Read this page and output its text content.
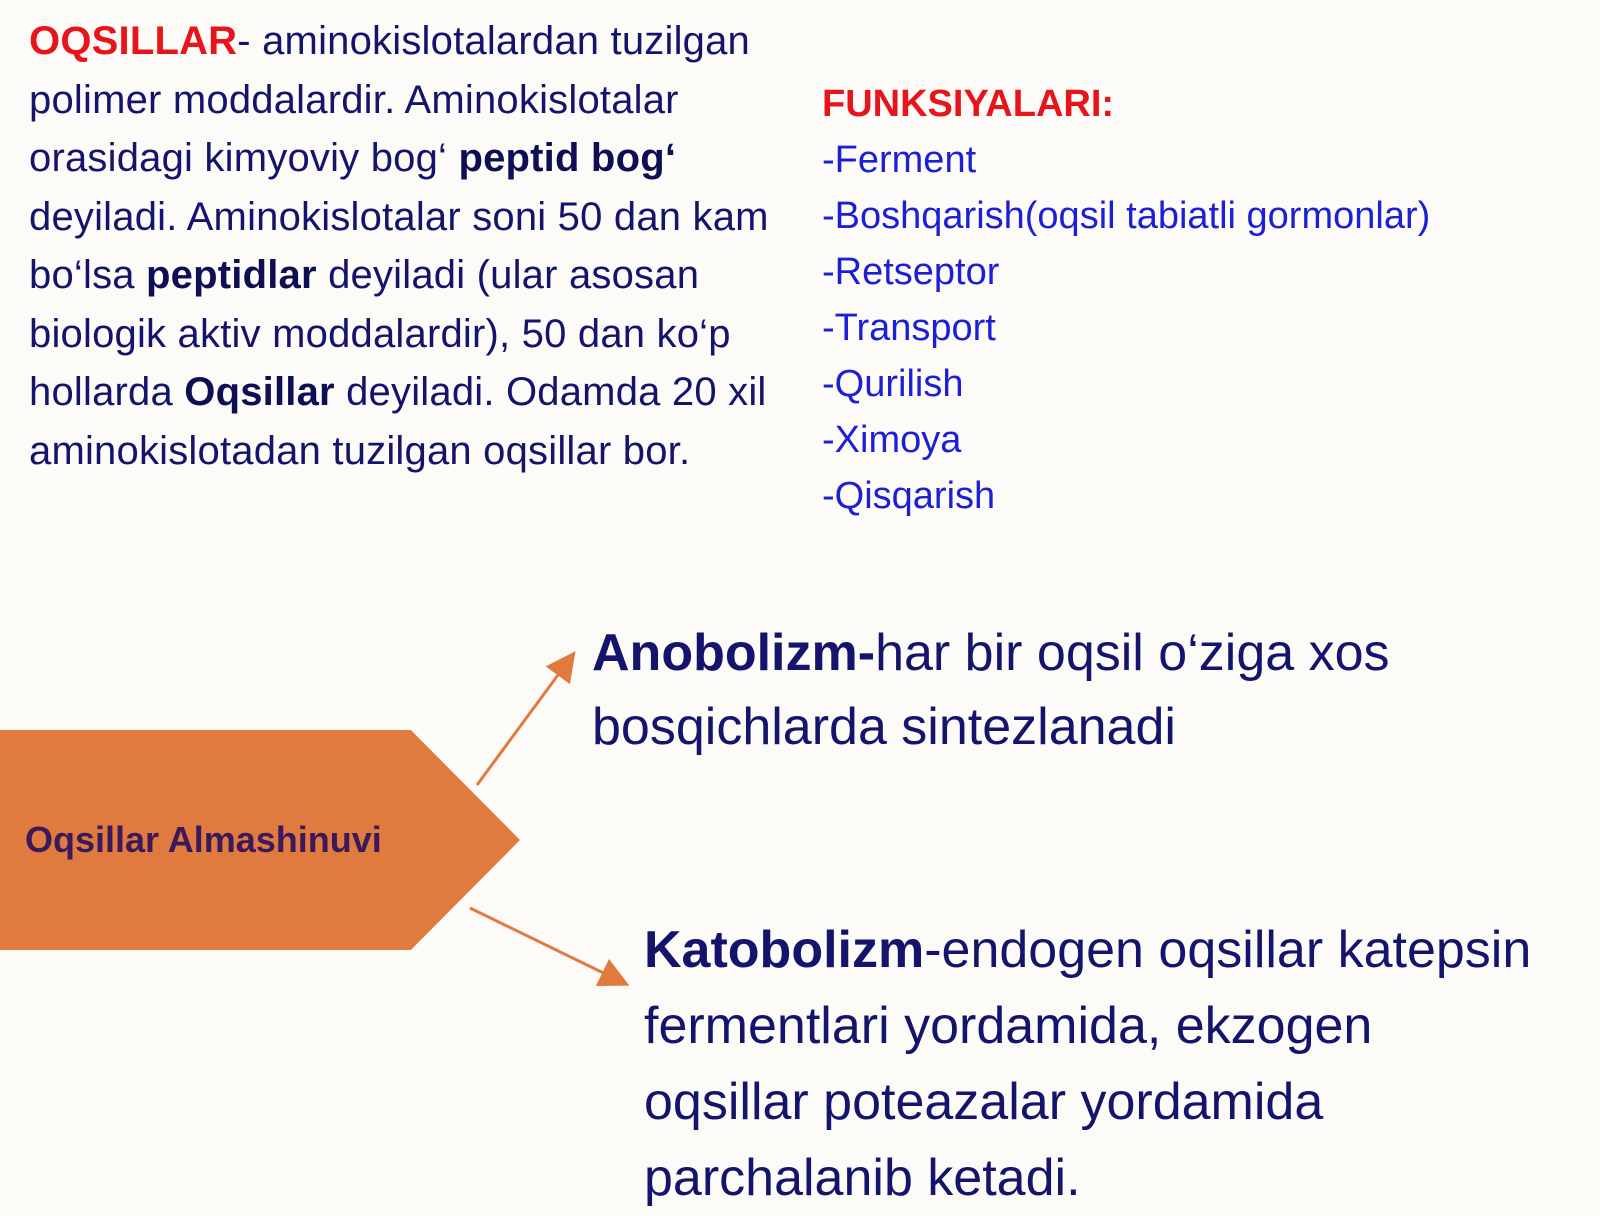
OQSILLAR- aminokislotalardan tuzilgan polimer moddalardir. Aminokislotalar orasidagi kimyoviy bog‘ peptid bog‘ deyiladi. Aminokislotalar soni 50 dan kam bo‘lsa peptidlar deyiladi (ular asosan biologik aktiv moddalardir), 50 dan ko‘p hollarda Oqsillar deyiladi. Odamda 20 xil aminokislotadan tuzilgan oqsillar bor.
FUNKSIYALARI:
-Ferment
-Boshqarish(oqsil tabiatli gormonlar)
-Retseptor
-Transport
-Qurilish
-Ximoya
-Qisqarish
Oqsillar Almashinuvi
Anobolizm-har bir oqsil o‘ziga xos bosqichlarda sintezlanadi
Katobolizm-endogen oqsillar katepsin fermentlari yordamida, ekzogen oqsillar poteazalar yordamida parchalanib ketadi.
